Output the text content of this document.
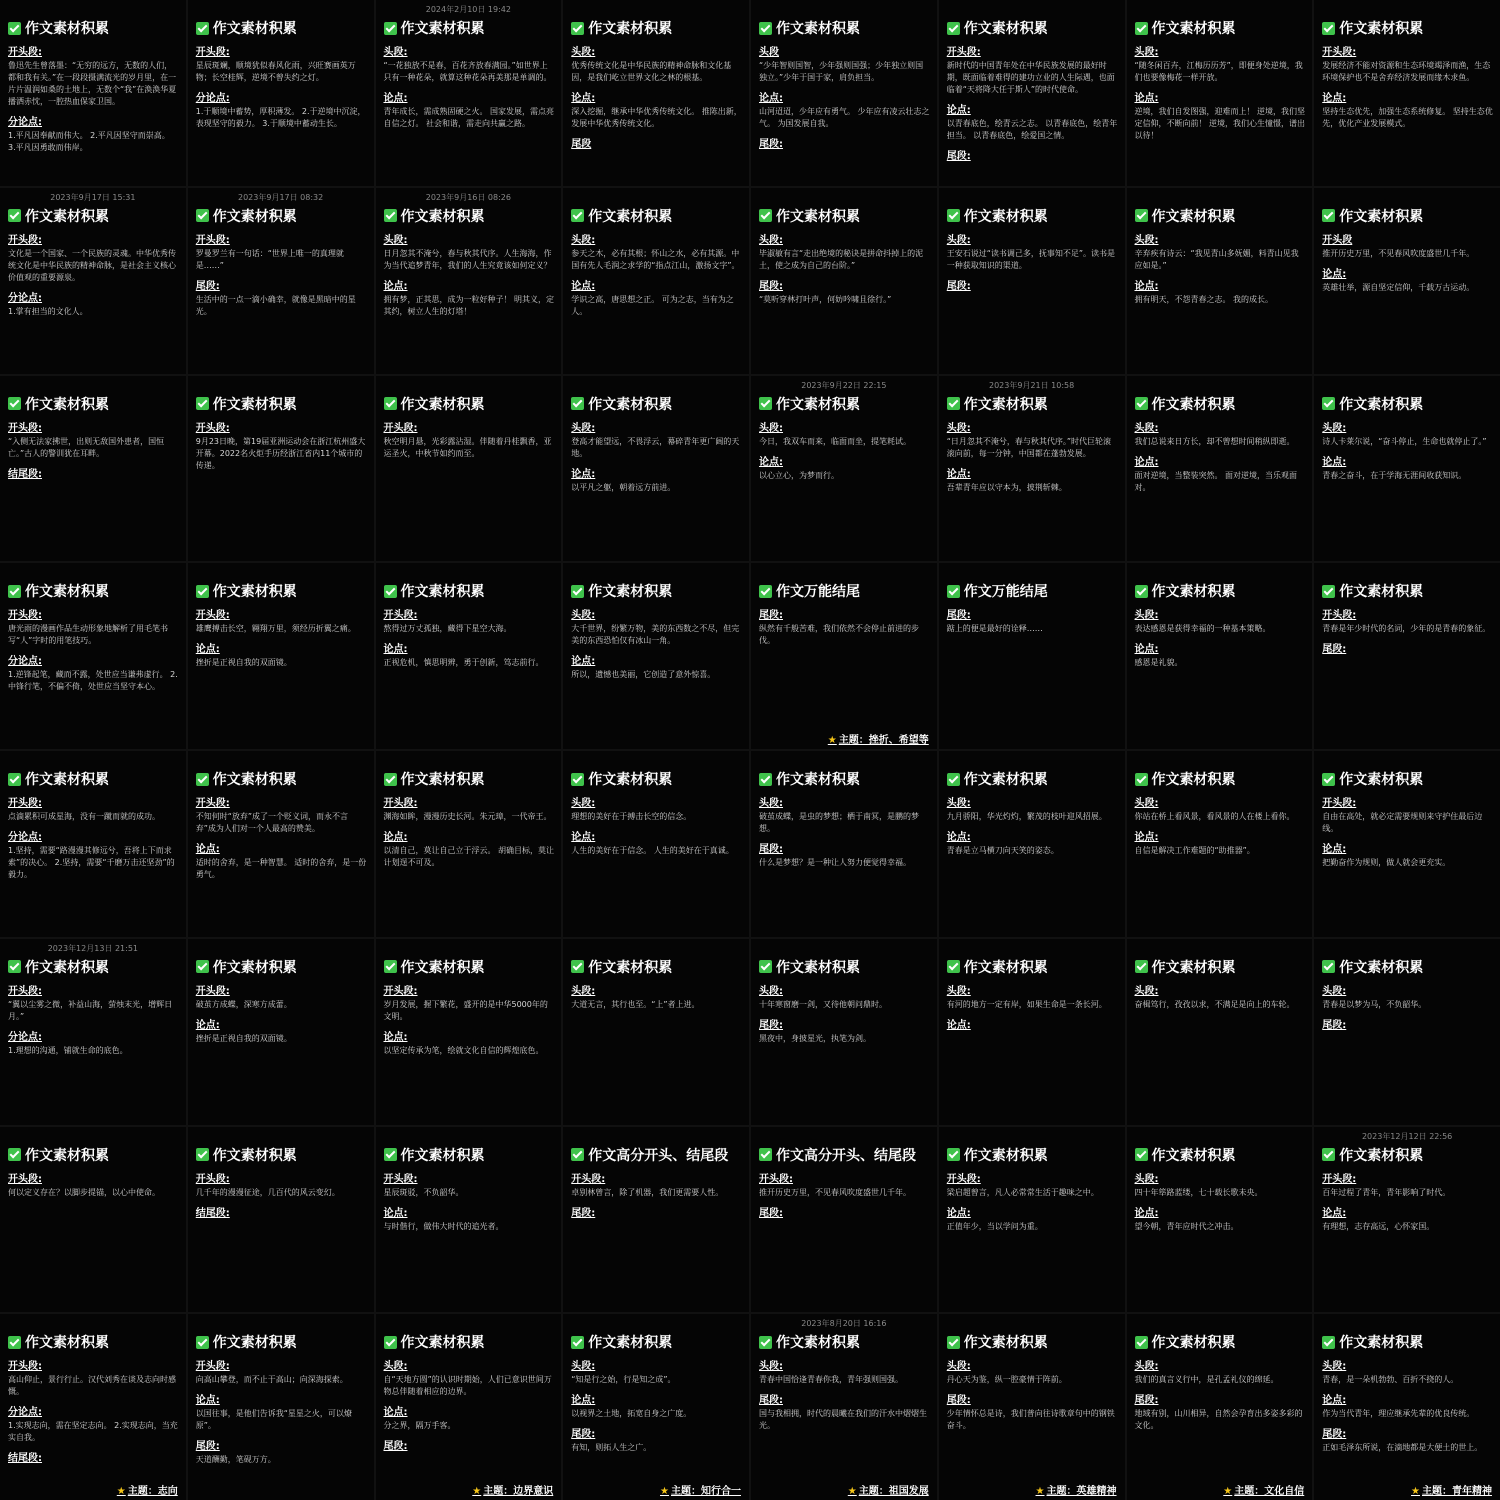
作文素材积累
开头段:
鲁迅先生曾落墨：“无穷的远方，无数的人们，都和我有关。”在一段段摄满流光的岁月里，在一片片温润如桑的土地上，无数个“我”在涣涣华夏播洒赤忱，一腔热血保家卫国。
分论点:
1.平凡因奉献而伟大。 2.平凡因坚守而崇高。 3.平凡因勇敢而伟岸。
作文素材积累
开头段:
星辰斑斓，顺境犹似春风化雨，兴旺赛画英万物；长空桂辉，逆境不曾失约之灯。
分论点:
1.于顺境中蓄势，厚积薄发。 2.于逆境中沉淀，表现坚守的毅力。 3.于顺境中蓄动生长。
2024年2月10日 19:42
作文素材积累
头段:
“一花独放不是春，百花齐放春满园。”如世界上只有一种花朵，就算这种花朵再美那是单调的。
论点:
青年成长，需成熟固硬之火。 国家发展，需点亮自信之灯。 社会和谐，需走向共赢之路。
作文素材积累
头段:
优秀传统文化是中华民族的精神命脉和文化基因，是我们屹立世界文化之林的根基。
论点:
深入挖掘，继承中华优秀传统文化。 推陈出新，发展中华优秀传统文化。
尾段
作文素材积累
头段
“少年智则国智，少年强则国强；少年独立则国独立。”少年于国于家，肩负担当。
论点:
山河迢迢，少年应有勇气。 少年应有凌云壮志之气。 为国发展自我。
尾段:
作文素材积累
开头段:
新时代的中国青年处在中华民族发展的最好时期，既面临着难得的建功立业的人生际遇，也面临着“天将降大任于斯人”的时代使命。
论点:
以青春底色，绘青云之志。 以青春底色，绘青年担当。 以青春底色，绘爱国之情。
尾段:
作文素材积累
头段:
“随冬闲百卉，江梅历历芳”，即便身处逆境，我们也要像梅花一样开放。
论点:
逆境，我们自发图强，迎难而上！ 逆境，我们坚定信仰，不断向前！ 逆境，我们心生憧憬，谱出以待！
作文素材积累
开头段:
发展经济不能对资源和生态环境竭泽而渔，生态环境保护也不是舍弃经济发展而缘木求鱼。
论点:
坚持生态优先，加强生态系统修复。 坚持生态优先，优化产业发展模式。
2023年9月17日 15:31
作文素材积累
开头段:
文化是一个国家、一个民族的灵魂。中华优秀传统文化是中华民族的精神命脉，是社会主义核心价值观的重要源泉。
分论点:
1.掌有担当的文化人。
2023年9月17日 08:32
作文素材积累
开头段:
罗曼罗兰有一句话：“世界上唯一的真理就是……”
尾段:
生活中的一点一滴小确幸，就像是黑暗中的星光。
2023年9月16日 08:26
作文素材积累
头段:
日月忽其不淹兮，春与秋其代序。人生海海，作为当代追梦青年，我们的人生究竟该如何定义？
论点:
拥有梦，正其思，成为一粒好种子！ 明其义，定其约，树立人生的灯塔！
作文素材积累
头段:
参天之木，必有其根；怀山之水，必有其源。中国有先人毛润之求学的“指点江山，激扬文字”。
论点:
学识之高，唐思想之正。 可为之志，当有为之人。
作文素材积累
头段:
毕淑敏有言“走出绝境的秘诀是拼命抖掉上的泥土，使之成为自己的台阶。”
尾段:
“莫听穿林打叶声，何妨吟啸且徐行。”
作文素材积累
头段:
王安石说过“读书调己多，抚事知不足”。读书是一种获取知识的渠道。
尾段:
作文素材积累
头段:
辛弃疾有诗云：“我见青山多妩媚，料青山见我应如是。”
论点:
拥有明天，不怨青春之志。 我的成长。
作文素材积累
开头段
推开历史万里，不见春风吹度盛世几千年。
论点:
英雄壮举，源自坚定信仰，千载万古运动。
作文素材积累
开头段:
“入侧无法家拂世，出则无敌国外患者，国恒亡。”古人的警训犹在耳畔。
结尾段:
作文素材积累
开头段:
9月23日晚，第19届亚洲运动会在浙江杭州盛大开幕。2022名火炬手历经浙江省内11个城市的传递。
作文素材积累
开头段:
秋空明月悬，光彩露沾湿。伴随着丹桂飘香，亚运圣火，中秋节如约而至。
作文素材积累
头段:
登高才能望远，不畏浮云，幕碎青年更广阔的天地。
论点:
以平凡之躯，朝着远方前进。
2023年9月22日 22:15
作文素材积累
头段:
今日，我双车而来，临面而坐，提笔耗试。
论点:
以心立心，为梦而行。
2023年9月21日 10:58
作文素材积累
头段:
“日月忽其不淹兮，春与秋其代序。”时代巨轮滚滚向前，每一分钟，中国都在蓬勃发展。
论点:
吾辈青年应以守本为，披荆斩棘。
作文素材积累
头段:
我们总说来日方长，却不曾想时间稍纵即逝。
论点:
面对逆境，当整装突然。 面对逆境，当乐观面对。
作文素材积累
头段:
诗人卡莱尔说，“奋斗停止，生命也就停止了。”
论点:
青春之奋斗，在于学海无涯间收获知识。
作文素材积累
开头段:
唐光雨的漫画作品生动形象地解析了用毛笔书写“人”字时的用笔技巧。
分论点:
1.逆锋起笔，藏而不露，处世应当谦弗虚行。 2.中锋行笔，不偏不倚，处世应当坚守本心。
作文素材积累
开头段:
雄鹰搏击长空，翱翔万里，须经历折翼之痛。
论点:
挫折是正视自我的双面镜。
作文素材积累
开头段:
熬得过万丈孤独，藏得下星空大海。
论点:
正视危机，慎思明辨，勇于创新，笃志前行。
作文素材积累
头段:
大千世界，纷繁万物，美的东西数之不尽，但完美的东西恐怕仅有冰山一角。
论点:
所以，遗憾也美丽，它创造了意外惊喜。
作文万能结尾
尾段:
纵然有千般苦难，我们依然不会停止前进的步伐。
★ 主题：挫折、希望等
作文万能结尾
尾段:
踮上的便是最好的诠释……
作文素材积累
头段:
表达感恩是获得幸福的一种基本策略。
论点:
感恩是礼貌。
作文素材积累
开头段:
青春是年少时代的名词，少年的是青春的象征。
尾段:
作文素材积累
开头段:
点滴累积可成星海，没有一蹴而就的成功。
分论点:
1.坚持，需要“路漫漫其修远兮，吾将上下而求索”的决心。 2.坚持，需要“千磨万击还坚劲”的毅力。
作文素材积累
开头段:
不知何时“放弃”成了一个贬义词，而永不言弃”成为人们对一个人最高的赞美。
论点:
适时的舍弃，是一种智慧。 适时的舍弃，是一份勇气。
作文素材积累
开头段:
渊海如眸，漫漫历史长河。朱元璋，一代帝王。
论点:
以清自己，莫让自己立于浮云。 胡确目标，莫让计划逞不可及。
作文素材积累
头段:
理想的美好在于搏击长空的信念。
论点:
人生的美好在于信念。 人生的美好在于真诚。
作文素材积累
头段:
破茧成蝶，是虫的梦想；栖于南冥，是鹏的梦想。
尾段:
什么是梦想？是一种让人努力便觉得幸福。
作文素材积累
头段:
九月骄阳，华光灼灼，繁茂的枝叶迎风招展。
论点:
青春是立马横刀向天笑的姿态。
作文素材积累
头段:
你站在桥上看风景，看风景的人在楼上看你。
论点:
自信是解决工作难题的“助推器”。
作文素材积累
开头段:
自由在高处，就必定需要规则来守护住最后边线。
论点:
把勤奋作为规则，做人就会更充实。
2023年12月13日 21:51
作文素材积累
开头段:
“翼以尘雾之微，补益山海，萤烛末光，增辉日月。”
分论点:
1.理想的沟通，铺就生命的底色。
作文素材积累
开头段:
破茧方成蝶，深寒方成蕾。
论点:
挫折是正视自我的双面镜。
作文素材积累
开头段:
岁月发展，握下繁花，盛开的是中华5000年的文明。
论点:
以坚定传承为笔，绘就文化自信的辉煌底色。
作文素材积累
头段:
大道无言，其行也至。“上”者上进。
作文素材积累
头段:
十年寒窗磨一剑，又待他朝问鼎时。
尾段:
黑夜中，身披星光，执笔为剑。
作文素材积累
头段:
有河的地方一定有岸，如果生命是一条长河。
论点:
作文素材积累
头段:
奋楫笃行，孜孜以求，不满足是向上的车轮。
作文素材积累
头段:
青春是以梦为马，不负韶华。
尾段:
作文素材积累
开头段:
何以定义存在？以脚步提锚，以心中使命。
作文素材积累
开头段:
几千年的漫漫征途，几百代的风云变幻。
结尾段:
作文素材积累
开头段:
星辰斑驳，不负韶华。
论点:
与时偕行，做伟大时代的追光者。
作文高分开头、结尾段
开头段:
卓别林曾言，除了机器，我们更需要人性。
尾段:
作文高分开头、结尾段
开头段:
推开历史万里，不见春风吹度盛世几千年。
尾段:
作文素材积累
开头段:
梁启超曾言，凡人必常常生活于趣味之中。
论点:
正值年少，当以学问为重。
作文素材积累
头段:
四十年筚路蓝缕，七十载长歌未央。
论点:
望今朝，青年应时代之冲击。
2023年12月12日 22:56
作文素材积累
开头段:
百年过程了青年，青年影响了时代。
论点:
有理想，志存高远，心怀家国。
作文素材积累
开头段:
高山仰止，景行行止。汉代刘秀在谈及志向时感慨。
分论点:
1.实现志向，需在坚定志向。 2.实现志向，当充实自我。
结尾段:
★ 主题：志向
作文素材积累
开头段:
向高山攀登，而不止于高山；向深海探索。
论点:
以国往事，是他们告诉我“星星之火，可以燎原”。
尾段:
天道酬勤，笔砚万方。
作文素材积累
头段:
自“天地方圆”的认识时期始，人们已意识世间万物总伴随着相应的边界。
论点:
分之界，隔万手客。
尾段:
★ 主题：边界意识
作文素材积累
头段:
“知是行之始，行是知之成”。
论点:
以视界之土地，拓宽自身之广度。
尾段:
有知，则拓人生之广。
★ 主题：知行合一
2023年8月20日 16:16
作文素材积累
头段:
青春中国恰逢青春你我，青年强则国强。
尾段:
国与我相拥，时代的晨曦在我们的汗水中熠熠生光。
★ 主题：祖国发展
作文素材积累
头段:
丹心天为鉴，纵一腔豪情于阵前。
尾段:
少年情怀总是诗，我们普向往诗歌章句中的钢铁奋斗。
★ 主题：英雄精神
作文素材积累
头段:
我们的真言义行中，是孔孟礼仪的绵延。
尾段:
地域有别，山川相异，自然会孕育出多姿多彩的文化。
★ 主题：文化自信
作文素材积累
头段:
青春，是一朵机勃勃、百折不挠的人。
论点:
作为当代青年，理应继承先辈的优良传统。
尾段:
正如毛泽东所说，在滴地都是大便土的世上。
★ 主题：青年精神
